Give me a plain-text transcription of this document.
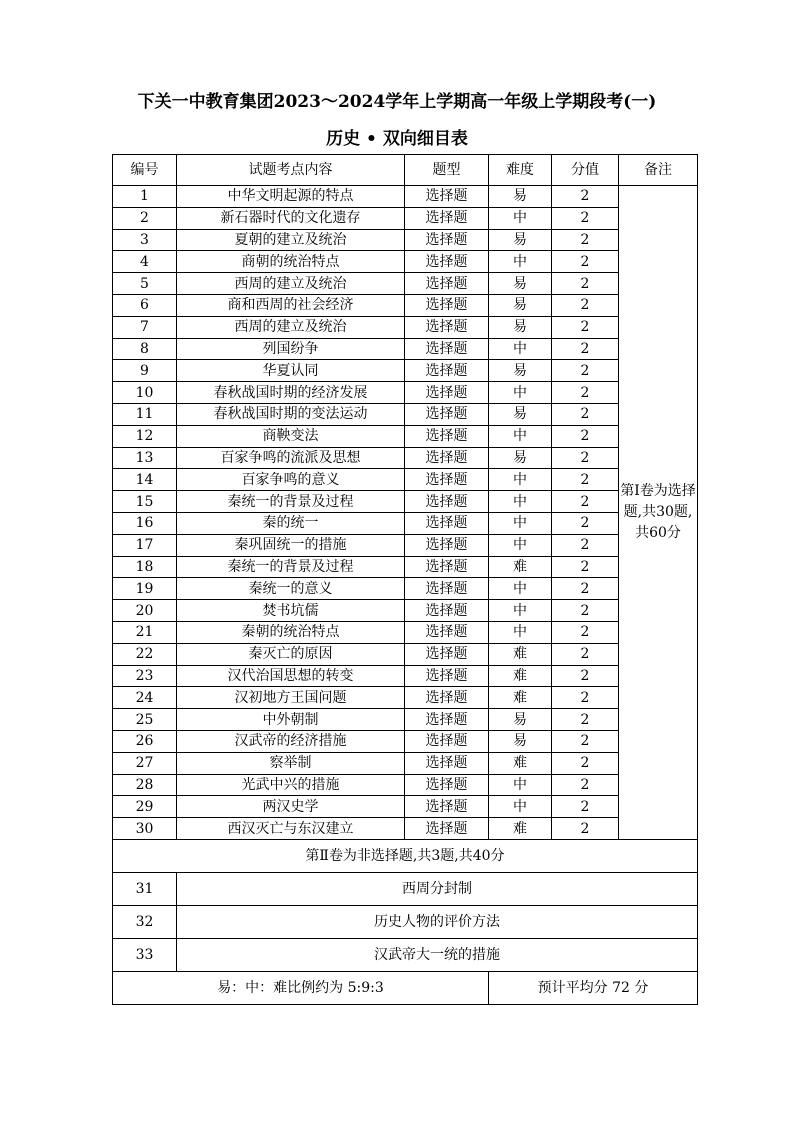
下关一中教育集团2023～2024学年上学期高一年级上学期段考(一)
历史 • 双向细目表
编号	试题考点内容	题型	难度	分值	备注
1	中华文明起源的特点	选择题	易	2	第Ⅰ卷为选择题,共30题,共60分
2	新石器时代的文化遗存	选择题	中	2	
3	夏朝的建立及统治	选择题	易	2	
4	商朝的统治特点	选择题	中	2	
5	西周的建立及统治	选择题	易	2	
6	商和西周的社会经济	选择题	易	2	
7	西周的建立及统治	选择题	易	2	
8	列国纷争	选择题	中	2	
9	华夏认同	选择题	易	2	
10	春秋战国时期的经济发展	选择题	中	2	
11	春秋战国时期的变法运动	选择题	易	2	
12	商鞅变法	选择题	中	2	
13	百家争鸣的流派及思想	选择题	易	2	
14	百家争鸣的意义	选择题	中	2	
15	秦统一的背景及过程	选择题	中	2	
16	秦的统一	选择题	中	2	
17	秦巩固统一的措施	选择题	中	2	
18	秦统一的背景及过程	选择题	难	2	
19	秦统一的意义	选择题	中	2	
20	焚书坑儒	选择题	中	2	
21	秦朝的统治特点	选择题	中	2	
22	秦灭亡的原因	选择题	难	2	
23	汉代治国思想的转变	选择题	难	2	
24	汉初地方王国问题	选择题	难	2	
25	中外朝制	选择题	易	2	
26	汉武帝的经济措施	选择题	易	2	
27	察举制	选择题	难	2	
28	光武中兴的措施	选择题	中	2	
29	两汉史学	选择题	中	2	
30	西汉灭亡与东汉建立	选择题	难	2	
第Ⅱ卷为非选择题,共3题,共40分					
31	西周分封制				
32	历史人物的评价方法				
33	汉武帝大一统的措施				
易：中：难比例约为 5:9:3			预计平均分 72 分		
